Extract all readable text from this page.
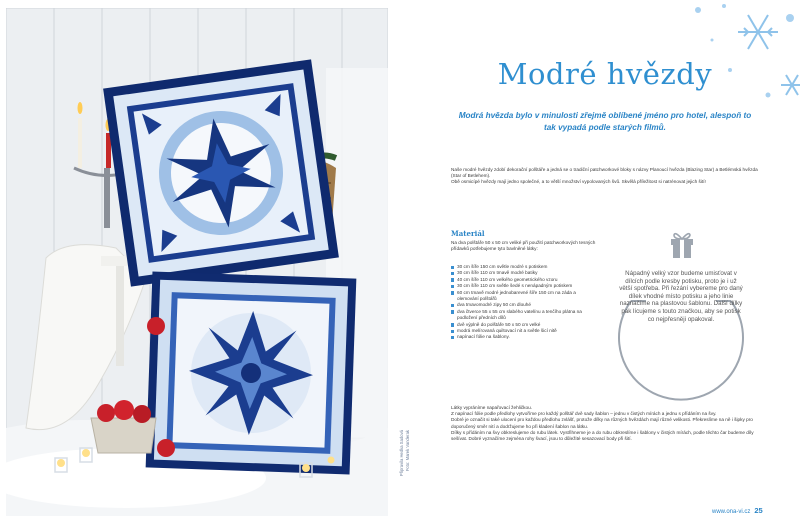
Připravila Hedka Sadová Foto: Marek Vanderak
Modré hvězdy
Modrá hvězda bylo v minulosti zřejmě oblíbené jméno pro hotel, alespoň to tak vypadá podle starých filmů.

Naše modré hvězdy zdobí dekorační polštáře a jedná se o tradiční patchworkové bloky s názvy Planoucí hvězda (Blazing Star) a Betlémská hvězda (Star of Betlehem).

Obě osmicípé hvězdy mají jedno společné, a to větší množství vypolovaných švů. Skvělá příležitost si natrénovat jejich šití!

Materiál
Na dva polštáře 50 x 50 cm veliké při použití patchworkových tesných přídavků potřebujeme tyto bavlněné látky:
30 cm šíře 150 cm světle modré s potiskem
30 cm šíře 110 cm tmavě modré batiky
40 cm šíře 110 cm velkého geometrického vzoru
30 cm šíře 110 cm světle šedé s nenápadným potiskem
60 cm tmavě modré jednobarevné šíře 150 cm na záda a olemování polštářů
dva tmavomodré zipy 50 cm dlouhé
dva čtverce 55 x 55 cm slabého vatelínu a tenčího plátna na podložení předních dílů
dvě výplně do polštáře 50 x 50 cm velké
modrá melírovaná quiltovací nit a světle šicí nitě
napínací fólie na šablony.
Nápadný velký vzor budeme umisťovat v dílcích podle kresby potisku, proto je i už větší spotřeba. Při řezání vybereme pro daný dílek vhodné místo potisku a jeho linie naznačíme na plastovou šablonu. Další dílky pak lícujeme s touto značkou, aby se potisk co nejpřesněji opakoval.

Látky vypráníme napařovací žehličkou.

Z napínací fólie podle předlohy vytvoříme pro každý polštář dvě sady šablon – jednu v čistých mírách a jednu s přídáním na švy.

Dobré je označit si také ulocení pro každou předlohu zvlášť, protože dílky na různých hvězdách mají různé velikosti. Překreslíme na ně i šipky pro doporučený směr nití a dodržujeme ho při kladení šablon na látku.

Dílky s přídáním na švy obkreslujeme do rubu látek. Vystřihneme je a do rubu obkreslíme i šablony v čistých mírách, podle těchto čar budeme díly sešívat. Dobré vyznačíme zejména rohy švací, jsou to důležité sesazovací body při šití.

www.ona-vi.cz 25
